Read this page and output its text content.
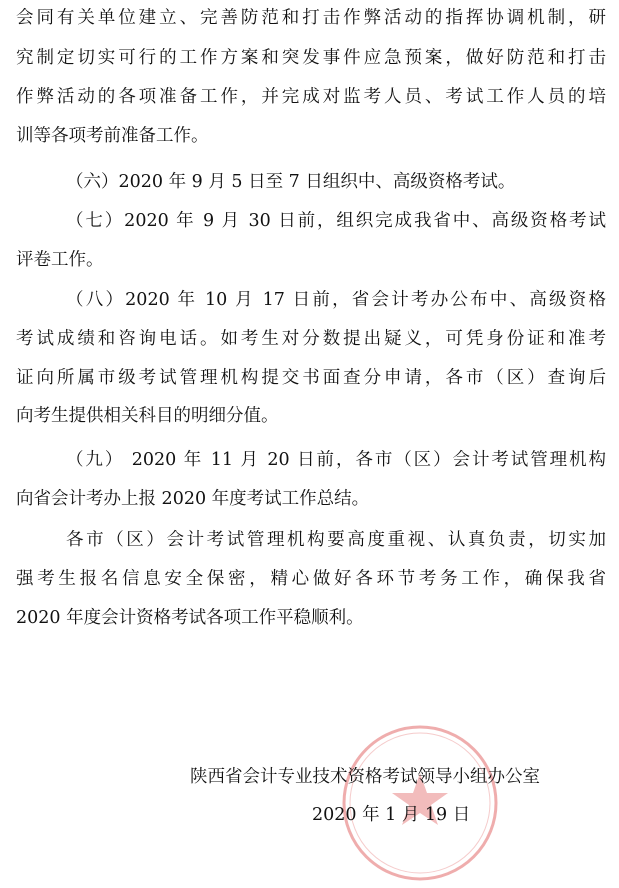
会同有关单位建立、完善防范和打击作弊活动的指挥协调机制，研
究制定切实可行的工作方案和突发事件应急预案，做好防范和打击
作弊活动的各项准备工作，并完成对监考人员、考试工作人员的培
训等各项考前准备工作。
（六）2020 年 9 月 5 日至 7 日组织中、高级资格考试。
（七）2020 年 9 月 30 日前，组织完成我省中、高级资格考试
评卷工作。
（八）2020 年 10 月 17 日前，省会计考办公布中、高级资格
考试成绩和咨询电话。如考生对分数提出疑义，可凭身份证和准考
证向所属市级考试管理机构提交书面查分申请，各市（区）查询后
向考生提供相关科目的明细分值。
（九） 2020 年 11 月 20 日前，各市（区）会计考试管理机构
向省会计考办上报 2020 年度考试工作总结。
各市（区）会计考试管理机构要高度重视、认真负责，切实加
强考生报名信息安全保密，精心做好各环节考务工作，确保我省
2020 年度会计资格考试各项工作平稳顺利。
陕西省会计专业技术资格考试领导小组办公室
2020 年 1 月 19 日
